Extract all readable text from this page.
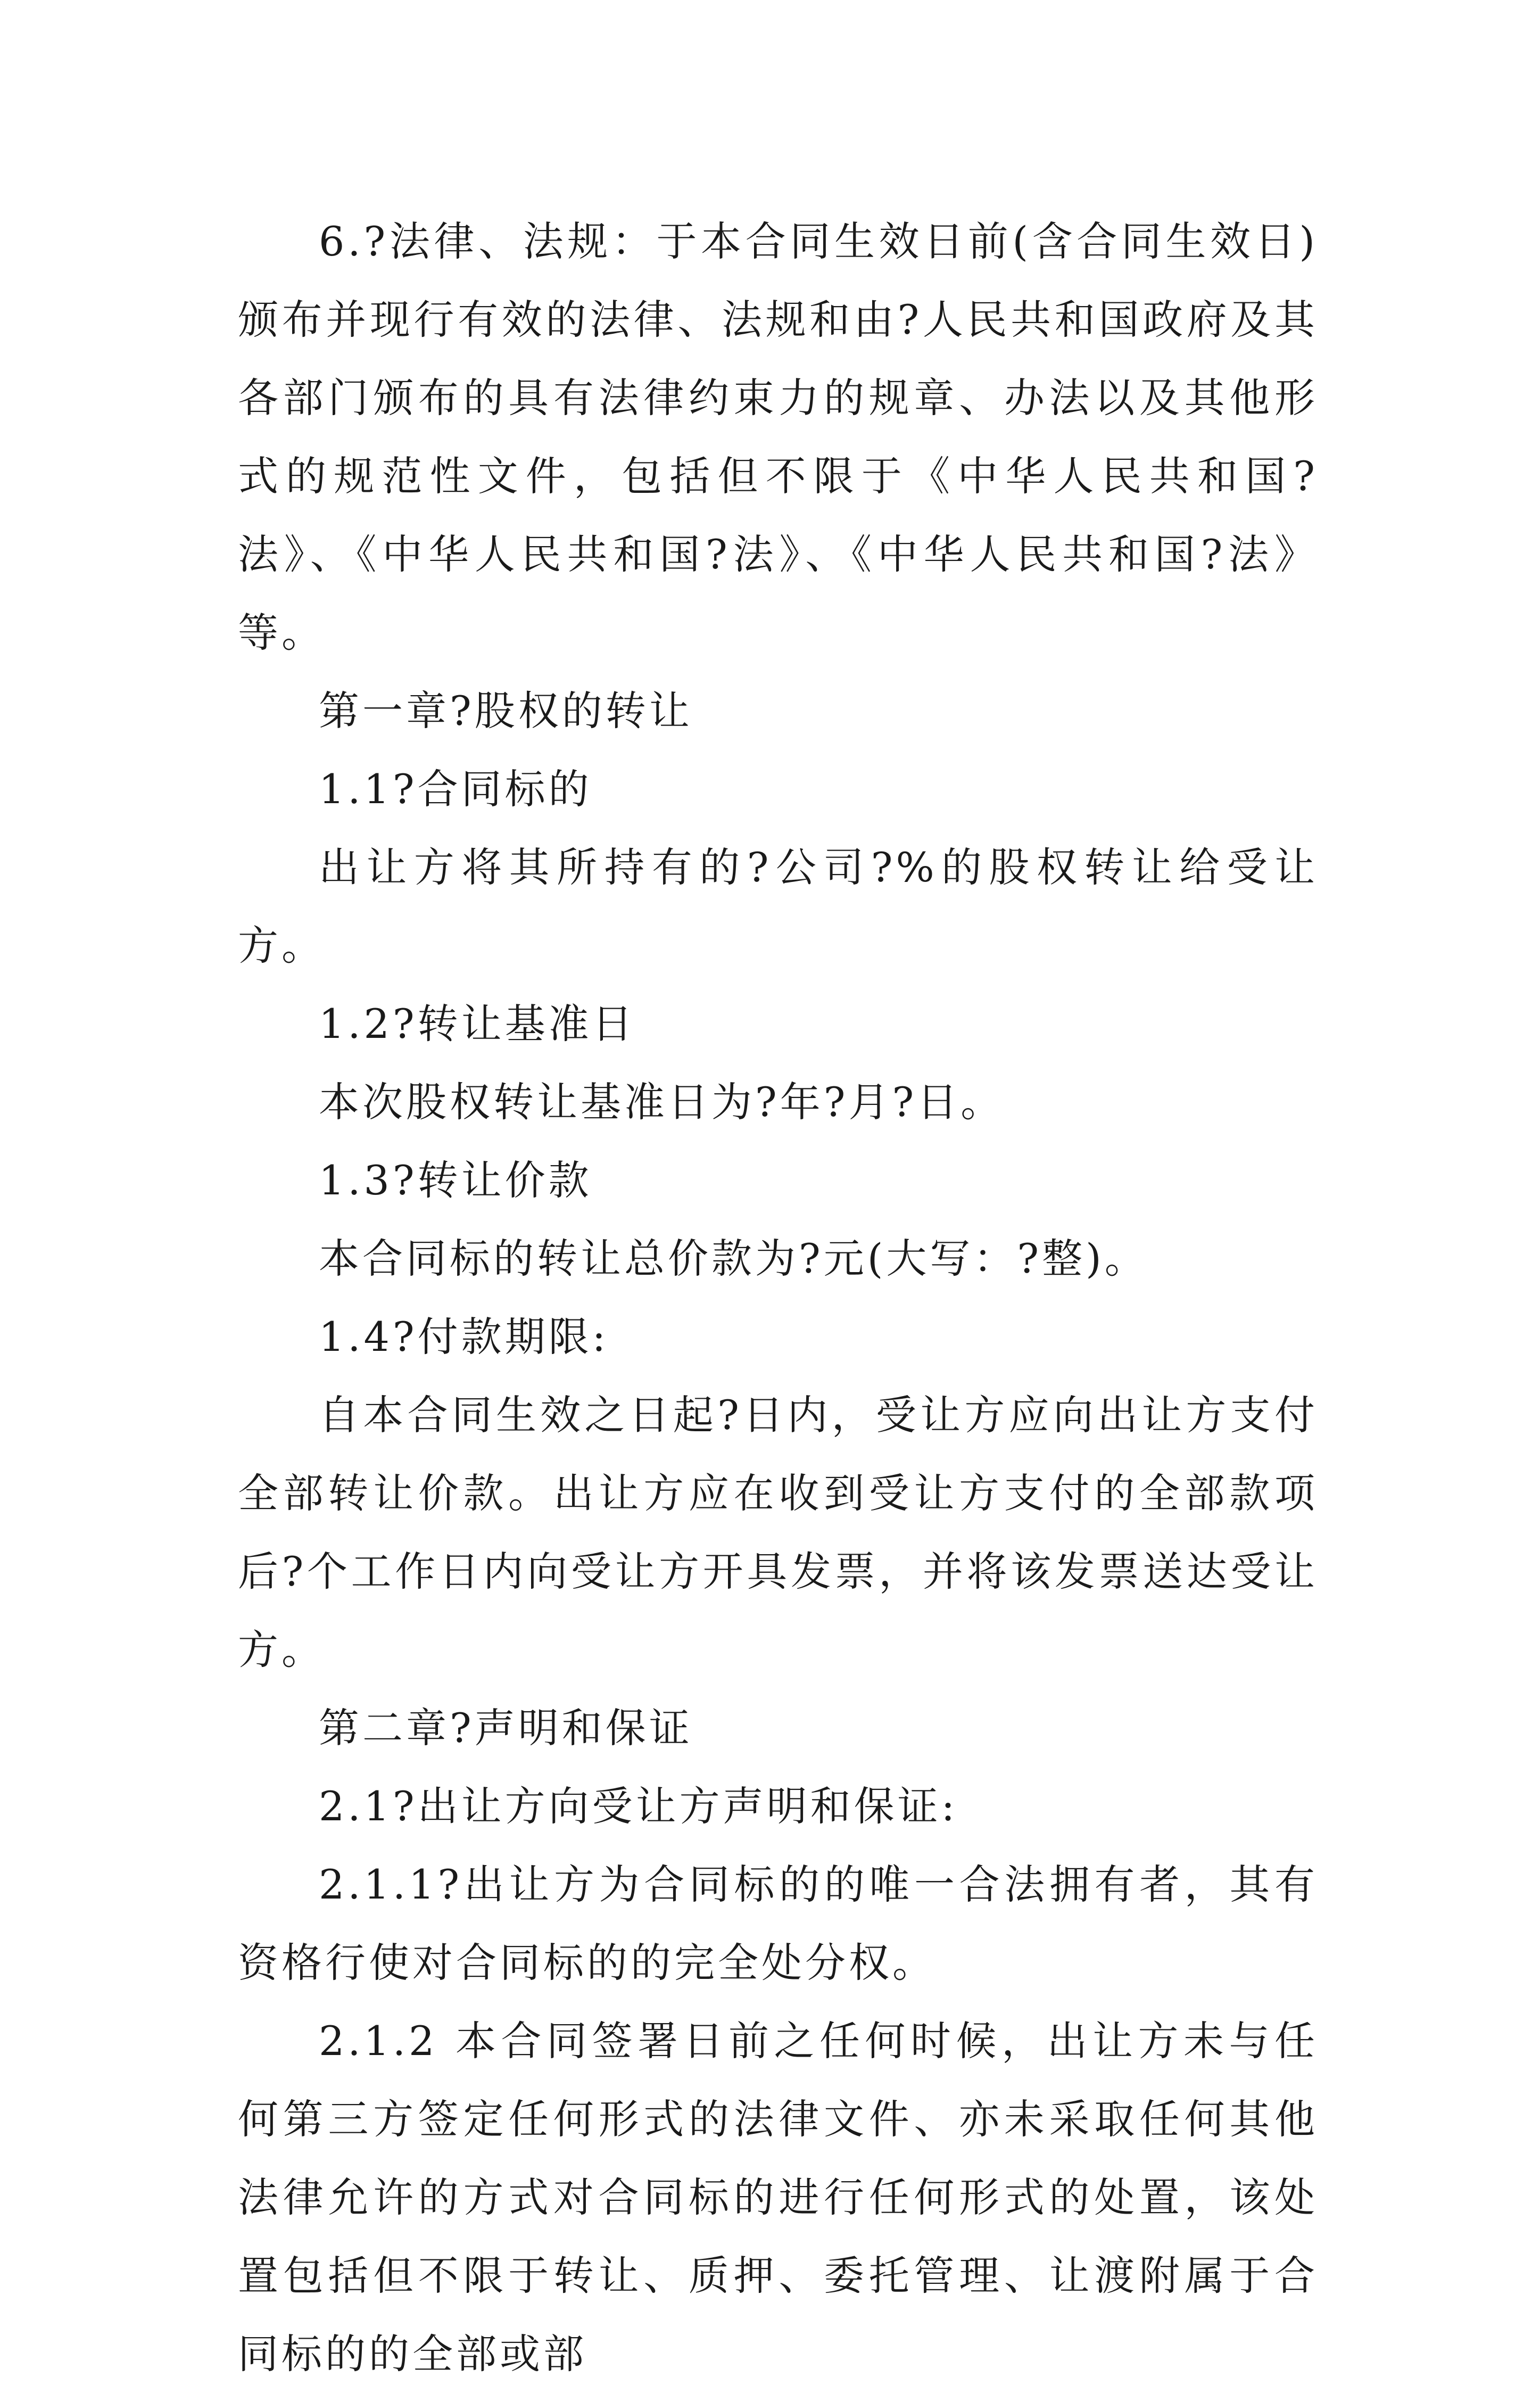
6.?法律、法规：于本合同生效日前(含合同生效日)颁布并现行有效的法律、法规和由?人民共和国政府及其各部门颁布的具有法律约束力的规章、办法以及其他形式的规范性文件，包括但不限于《中华人民共和国?法》、《中华人民共和国?法》、《中华人民共和国?法》等。

第一章?股权的转让

1.1?合同标的

出让方将其所持有的?公司?%的股权转让给受让方。

1.2?转让基准日

本次股权转让基准日为?年?月?日。

1.3?转让价款

本合同标的转让总价款为?元(大写：?整)。

1.4?付款期限:

自本合同生效之日起?日内，受让方应向出让方支付全部转让价款。出让方应在收到受让方支付的全部款项后?个工作日内向受让方开具发票，并将该发票送达受让方。

第二章?声明和保证

2.1?出让方向受让方声明和保证:

2.1.1?出让方为合同标的的唯一合法拥有者，其有资格行使对合同标的的完全处分权。

2.1.2 本合同签署日前之任何时候，出让方未与任何第三方签定任何形式的法律文件、亦未采取任何其他法律允许的方式对合同标的进行任何形式的处置，该处置包括但不限于转让、质押、委托管理、让渡附属于合同标的的全部或部
